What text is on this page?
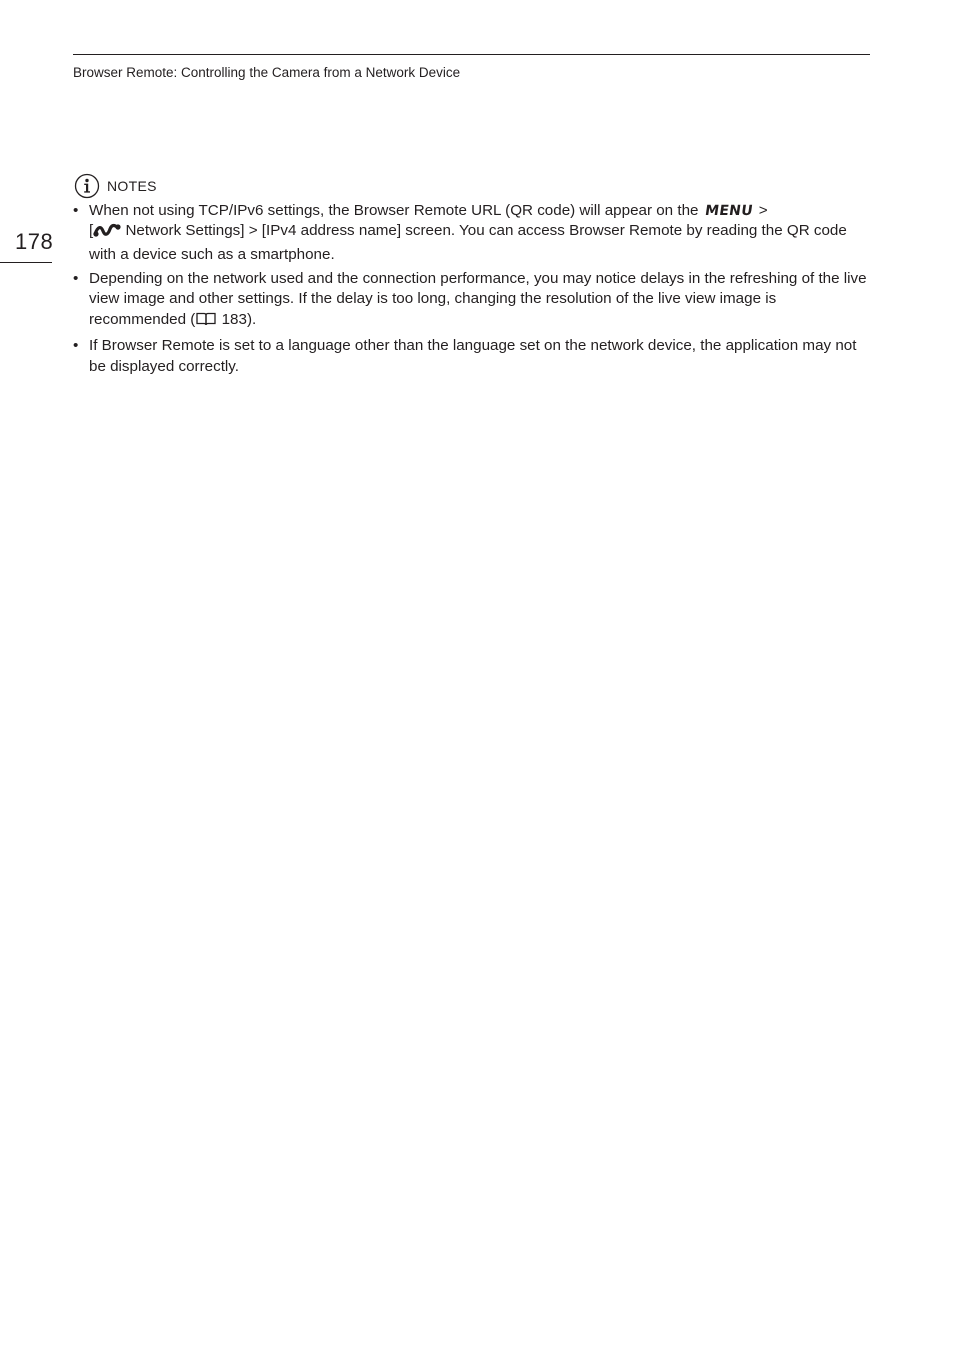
Browser Remote: Controlling the Camera from a Network Device
178
NOTES
• When not using TCP/IPv6 settings, the Browser Remote URL (QR code) will appear on the MENU >
[ Network Settings] > [IPv4 address name] screen. You can access Browser Remote by reading the QR code with a device such as a smartphone.
• Depending on the network used and the connection performance, you may notice delays in the refreshing of the live view image and other settings. If the delay is too long, changing the resolution of the live view image is recommended ( 183).
• If Browser Remote is set to a language other than the language set on the network device, the application may not be displayed correctly.
